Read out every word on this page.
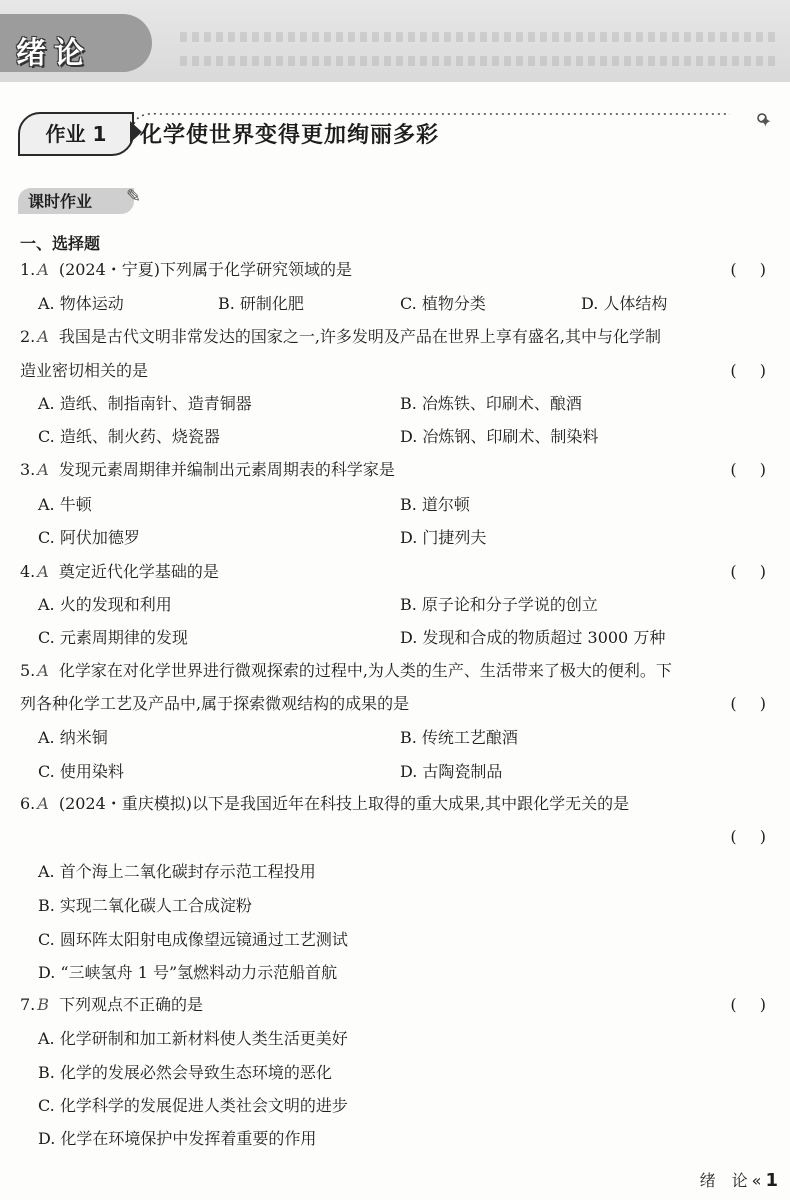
绪论
✦
作业 1	化学使世界变得更加绚丽多彩
课时作业 ✎
一、选择题
1. A (2024・宁夏)下列属于化学研究领域的是	( )
A. 物体运动	B. 研制化肥	C. 植物分类	D. 人体结构
2. A 我国是古代文明非常发达的国家之一,许多发明及产品在世界上享有盛名,其中与化学制
造业密切相关的是	( )
A. 造纸、制指南针、造青铜器	B. 冶炼铁、印刷术、酿酒
C. 造纸、制火药、烧瓷器	D. 冶炼钢、印刷术、制染料
3. A 发现元素周期律并编制出元素周期表的科学家是	( )
A. 牛顿	B. 道尔顿
C. 阿伏加德罗	D. 门捷列夫
4. A 奠定近代化学基础的是	( )
A. 火的发现和利用	B. 原子论和分子学说的创立
C. 元素周期律的发现	D. 发现和合成的物质超过 3000 万种
5. A 化学家在对化学世界进行微观探索的过程中,为人类的生产、生活带来了极大的便利。下
列各种化学工艺及产品中,属于探索微观结构的成果的是	( )
A. 纳米铜	B. 传统工艺酿酒
C. 使用染料	D. 古陶瓷制品
6. A (2024・重庆模拟)以下是我国近年在科技上取得的重大成果,其中跟化学无关的是
( )
A. 首个海上二氧化碳封存示范工程投用
B. 实现二氧化碳人工合成淀粉
C. 圆环阵太阳射电成像望远镜通过工艺测试
D. “三峡氢舟 1 号”氢燃料动力示范船首航
7. B 下列观点不正确的是	( )
A. 化学研制和加工新材料使人类生活更美好
B. 化学的发展必然会导致生态环境的恶化
C. 化学科学的发展促进人类社会文明的进步
D. 化学在环境保护中发挥着重要的作用
绪　论 « 1
